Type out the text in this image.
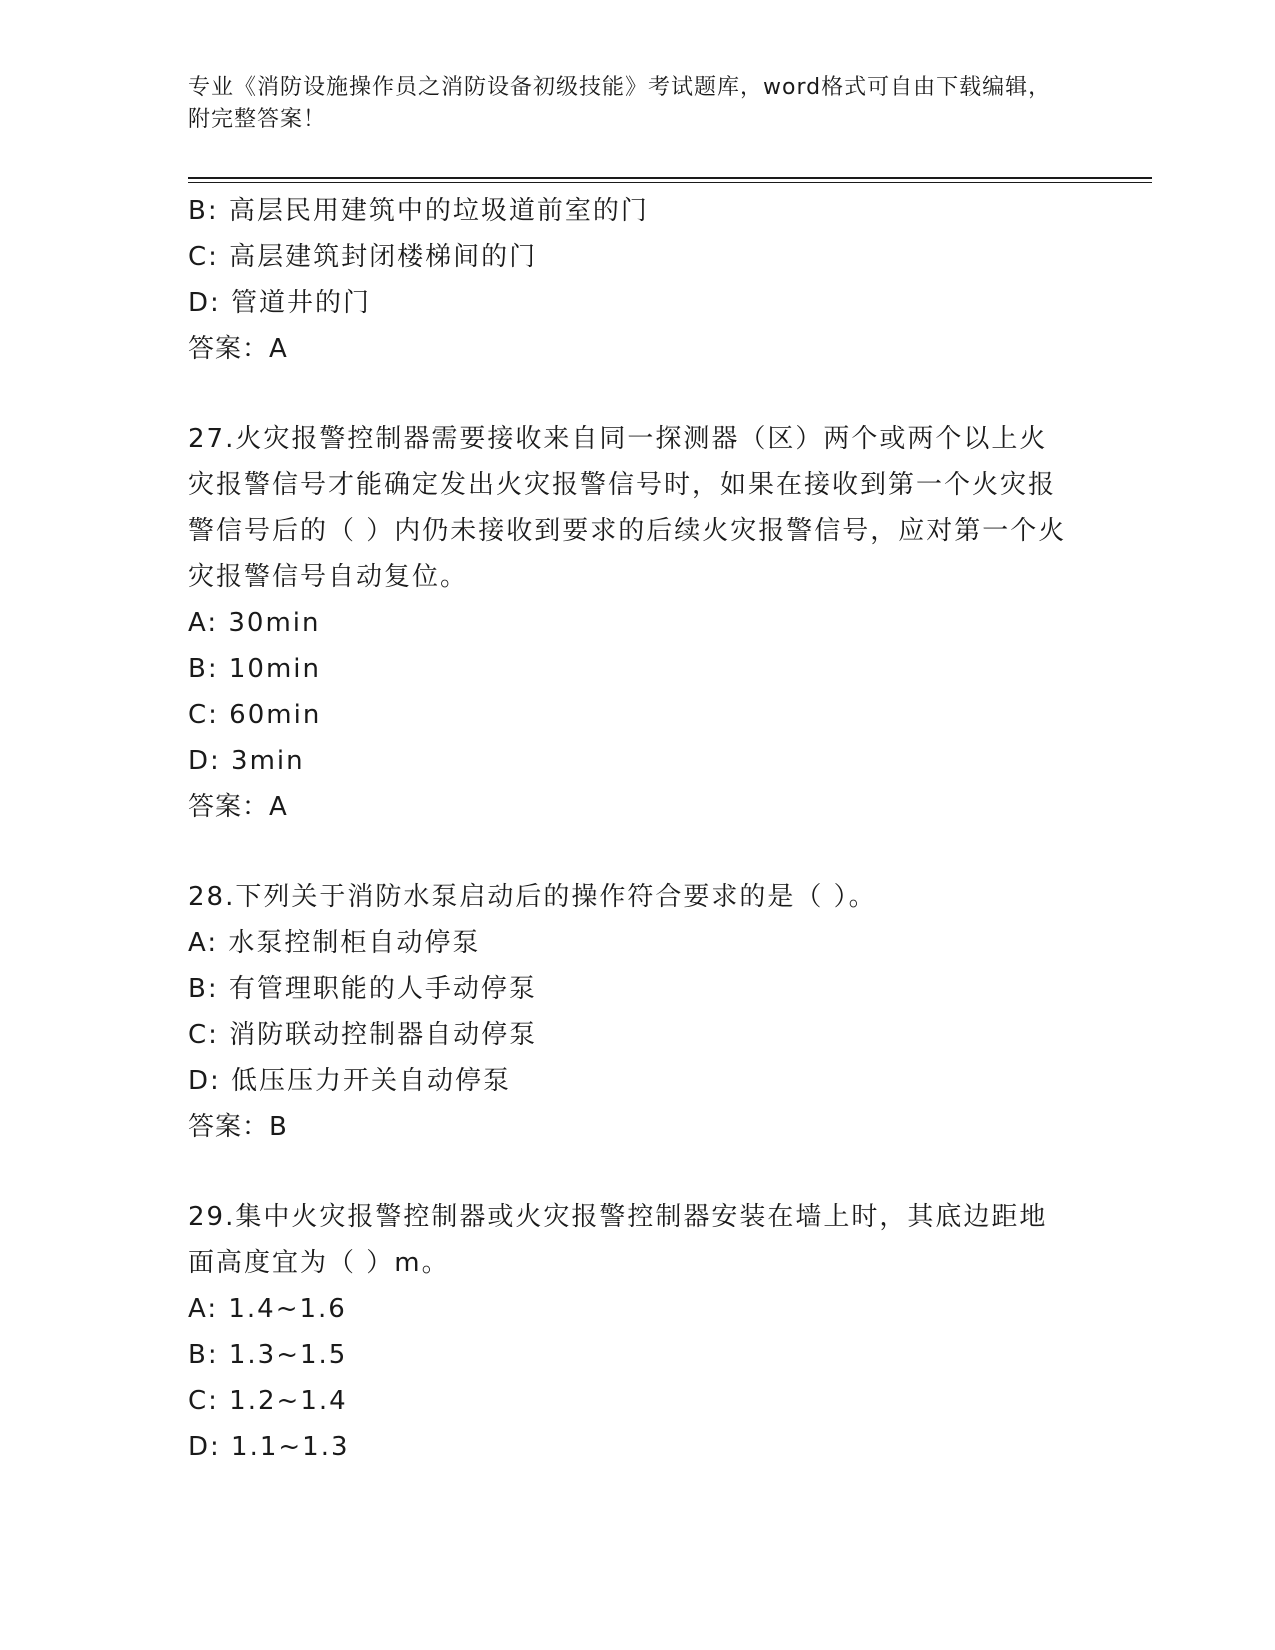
专业《消防设施操作员之消防设备初级技能》考试题库，word格式可自由下载编辑，附完整答案！
B: 高层民用建筑中的垃圾道前室的门
C: 高层建筑封闭楼梯间的门
D: 管道井的门
答案：A
27.火灾报警控制器需要接收来自同一探测器（区）两个或两个以上火灾报警信号才能确定发出火灾报警信号时，如果在接收到第一个火灾报警信号后的（ ）内仍未接收到要求的后续火灾报警信号，应对第一个火灾报警信号自动复位。
A: 30min
B: 10min
C: 60min
D: 3min
答案：A
28.下列关于消防水泵启动后的操作符合要求的是（ ）。
A: 水泵控制柜自动停泵
B: 有管理职能的人手动停泵
C: 消防联动控制器自动停泵
D: 低压压力开关自动停泵
答案：B
29.集中火灾报警控制器或火灾报警控制器安装在墙上时，其底边距地面高度宜为（ ）m。
A: 1.4~1.6
B: 1.3~1.5
C: 1.2~1.4
D: 1.1~1.3
